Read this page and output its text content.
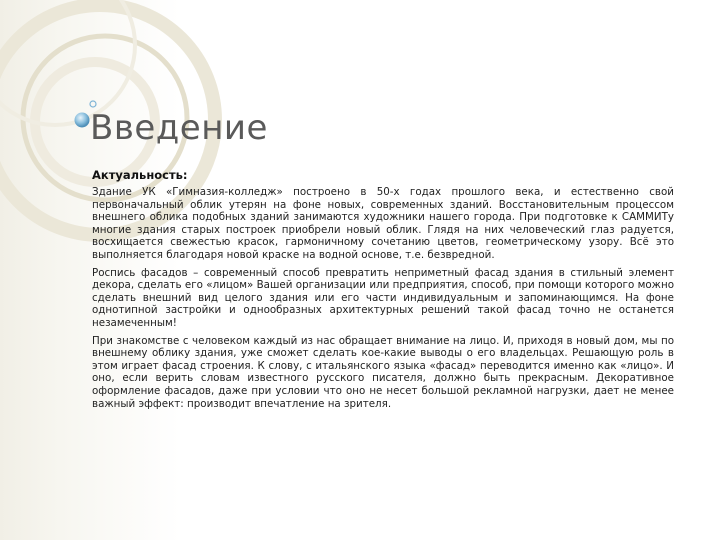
Введение
Актуальность:

Здание УК «Гимназия-колледж» построено в 50-х годах прошлого века, и естественно свой первоначальный облик утерян на фоне новых, современных зданий. Восстановительным процессом внешнего облика подобных зданий занимаются художники нашего города. При подготовке к САММИТу многие здания старых построек приобрели новый облик. Глядя на них человеческий глаз радуется, восхищается свежестью красок, гармоничному сочетанию цветов, геометрическому узору. Всё это выполняется благодаря новой краске на водной основе, т.е. безвредной.

Роспись фасадов – современный способ превратить неприметный фасад здания в стильный элемент декора, сделать его «лицом» Вашей организации или предприятия, способ, при помощи которого можно сделать внешний вид целого здания или его части индивидуальным и запоминающимся. На фоне однотипной застройки и однообразных архитектурных решений такой фасад точно не останется незамеченным!

При знакомстве с человеком каждый из нас обращает внимание на лицо. И, приходя в новый дом, мы по внешнему облику здания, уже сможет сделать кое-какие выводы о его владельцах. Решающую роль в этом играет фасад строения. К слову, с итальянского языка «фасад» переводится именно как «лицо». И оно, если верить словам известного русского писателя, должно быть прекрасным. Декоративное оформление фасадов, даже при условии что оно не несет большой рекламной нагрузки, дает не менее важный эффект: производит впечатление на зрителя.
